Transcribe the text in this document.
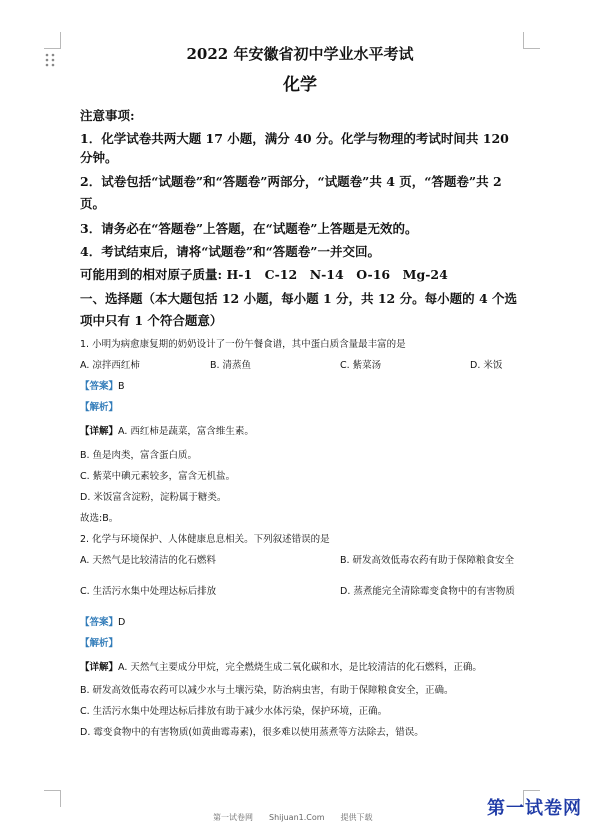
2022 年安徽省初中学业水平考试

化学

注意事项:

1．化学试卷共两大题 17 小题，满分 40 分。化学与物理的考试时间共 120 分钟。

2．试卷包括“试题卷”和“答题卷”两部分，“试题卷”共 4 页，“答题卷”共 2 页。

3．请务必在“答题卷”上答题，在“试题卷”上答题是无效的。

4．考试结束后，请将“试题卷”和“答题卷”一并交回。

可能用到的相对原子质量: H-1　C-12　N-14　O-16　Mg-24

一、选择题（本大题包括 12 小题，每小题 1 分，共 12 分。每小题的 4 个选项中只有 1 个符合题意）

1. 小明为病愈康复期的奶奶设计了一份午餐食谱，其中蛋白质含量最丰富的是

A. 凉拌西红柿	B. 清蒸鱼	C. 紫菜汤	D. 米饭

【答案】B

【解析】

【详解】A. 西红柿是蔬菜，富含维生素。

B. 鱼是肉类，富含蛋白质。

C. 紫菜中碘元素较多，富含无机盐。

D. 米饭富含淀粉，淀粉属于糖类。

故选:B。

2. 化学与环境保护、人体健康息息相关。下列叙述错误的是

A. 天然气是比较清洁的化石燃料	B. 研发高效低毒农药有助于保障粮食安全
C. 生活污水集中处理达标后排放	D. 蒸煮能完全清除霉变食物中的有害物质

【答案】D

【解析】

【详解】A. 天然气主要成分甲烷，完全燃烧生成二氧化碳和水，是比较清洁的化石燃料，正确。

B. 研发高效低毒农药可以减少水与土壤污染，防治病虫害，有助于保障粮食安全，正确。

C. 生活污水集中处理达标后排放有助于减少水体污染，保护环境，正确。

D. 霉变食物中的有害物质(如黄曲霉毒素)，很多难以使用蒸煮等方法除去，错误。

第一试卷网
第一试卷网　　Shijuan1.Com　　提供下载
